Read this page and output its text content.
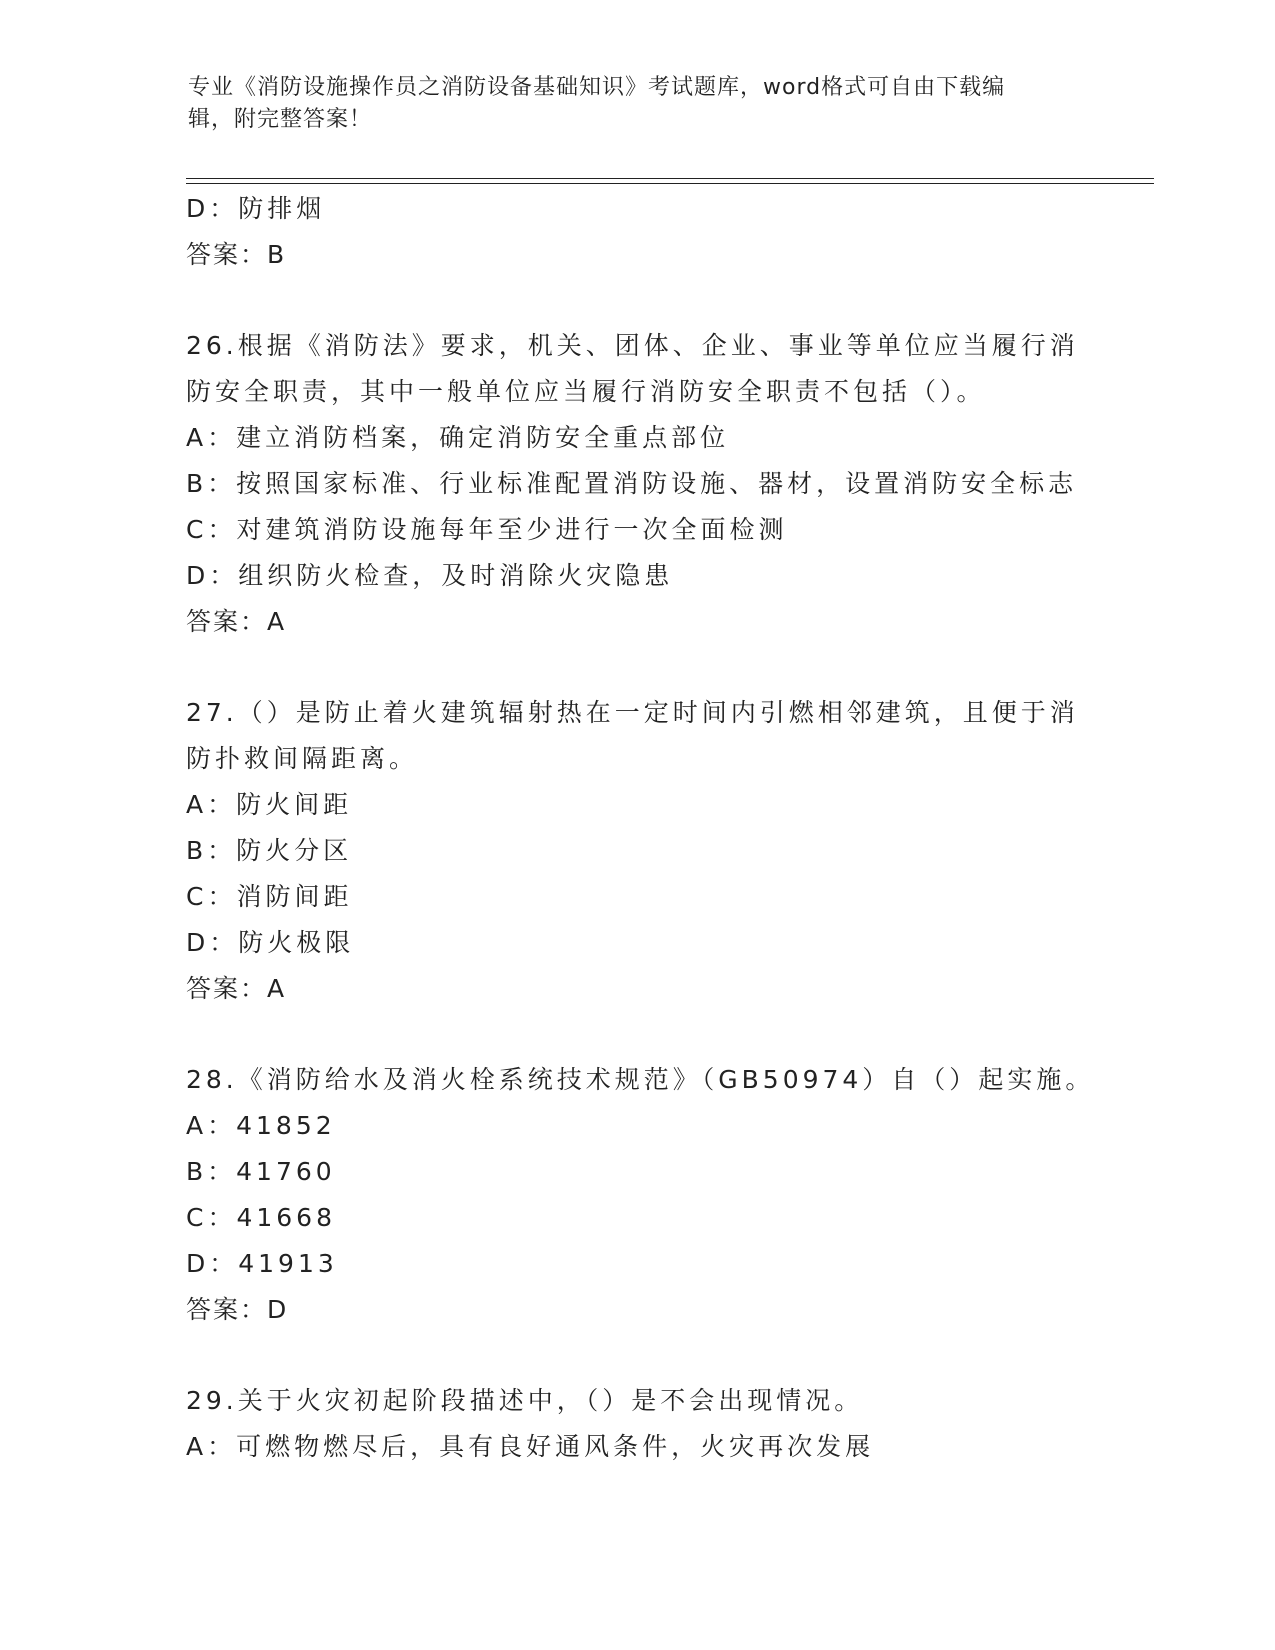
专业《消防设施操作员之消防设备基础知识》考试题库，word格式可自由下载编
辑，附完整答案！
D：防排烟
答案：B
26.根据《消防法》要求，机关、团体、企业、事业等单位应当履行消
防安全职责，其中一般单位应当履行消防安全职责不包括（）。
A：建立消防档案，确定消防安全重点部位
B：按照国家标准、行业标准配置消防设施、器材，设置消防安全标志
C：对建筑消防设施每年至少进行一次全面检测
D：组织防火检查，及时消除火灾隐患
答案：A
27.（）是防止着火建筑辐射热在一定时间内引燃相邻建筑，且便于消
防扑救间隔距离。
A：防火间距
B：防火分区
C：消防间距
D：防火极限
答案：A
28.《消防给水及消火栓系统技术规范》（GB50974）自（）起实施。
A：41852
B：41760
C：41668
D：41913
答案：D
29.关于火灾初起阶段描述中，（）是不会出现情况。
A：可燃物燃尽后，具有良好通风条件，火灾再次发展
